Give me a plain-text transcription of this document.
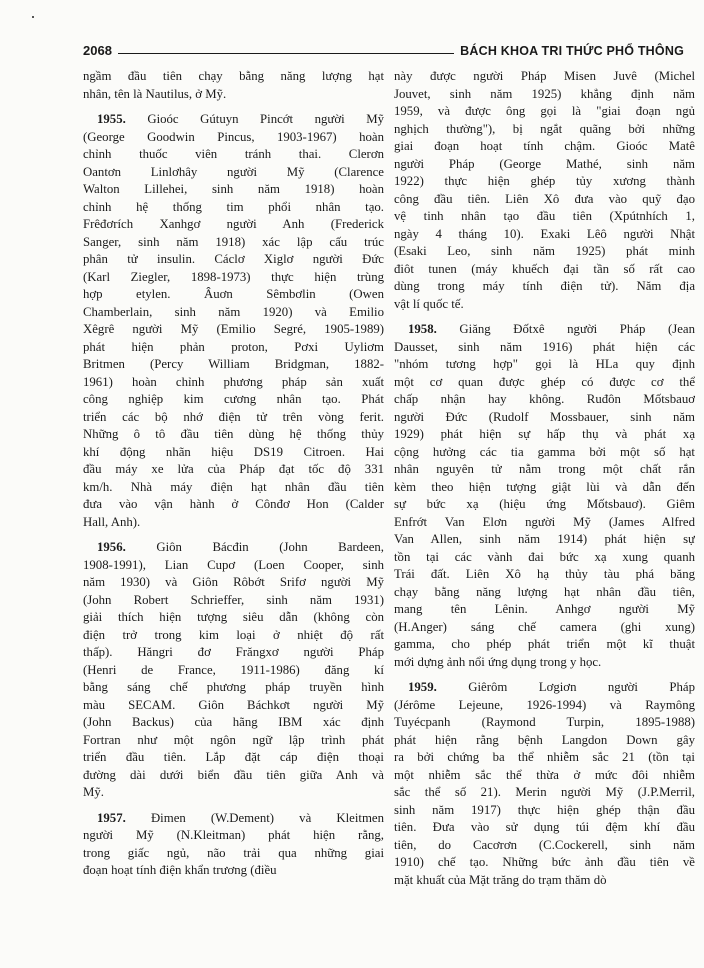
2068	BÁCH KHOA TRI THỨC PHỔ THÔNG
ngầm đầu tiên chạy bằng năng lượng hạt
nhân, tên là Nautilus, ở Mỹ.
1955. Gioóc Gútuyn Pincớt người Mỹ
(George Goodwin Pincus, 1903-1967) hoàn
chỉnh thuốc viên tránh thai. Clerơn
Oantơn Linlơhây người Mỹ (Clarence
Walton Lillehei, sinh năm 1918) hoàn
chỉnh hệ thống tim phổi nhân tạo.
Frêđơrích Xanhgơ người Anh (Frederick
Sanger, sinh năm 1918) xác lập cấu trúc
phân tử insulin. Cáclơ Xiglơ người Đức
(Karl Ziegler, 1898-1973) thực hiện trùng
hợp etylen. Âuơn Sêmbơlin (Owen
Chamberlain, sinh năm 1920) và Emilio
Xêgrê người Mỹ (Emilio Segré, 1905-1989)
phát hiện phản proton, Pơxi Uyliơm
Britmen (Percy William Bridgman, 1882-
1961) hoàn chỉnh phương pháp sản xuất
công nghiệp kim cương nhân tạo. Phát
triển các bộ nhớ điện tử trên vòng ferit.
Những ô tô đầu tiên dùng hệ thống thủy
khí động nhãn hiệu DS19 Citroen. Hai
đầu máy xe lửa của Pháp đạt tốc độ 331
km/h. Nhà máy điện hạt nhân đầu tiên
đưa vào vận hành ở Cônđơ Hon (Calder
Hall, Anh).
1956. Giôn Bácđin (John Bardeen,
1908-1991), Lian Cupơ (Loen Cooper, sinh
năm 1930) và Giôn Rôbớt Srifơ người Mỹ
(John Robert Schrieffer, sinh năm 1931)
giải thích hiện tượng siêu dẫn (không còn
điện trở trong kim loại ở nhiệt độ rất
thấp). Hăngri đơ Frăngxơ người Pháp
(Henri de France, 1911-1986) đăng kí
bằng sáng chế phương pháp truyền hình
màu SECAM. Giôn Báchkơt người Mỹ
(John Backus) của hãng IBM xác định
Fortran như một ngôn ngữ lập trình phát
triển đầu tiên. Lắp đặt cáp điện thoại
đường dài dưới biển đầu tiên giữa Anh và
Mỹ.
1957. Đimen (W.Dement) và Kleitmen
người Mỹ (N.Kleitman) phát hiện rằng,
trong giấc ngủ, não trải qua những giai
đoạn hoạt tính điện khẩn trương (điều
này được người Pháp Misen Juvê (Michel
Jouvet, sinh năm 1925) khẳng định năm
1959, và được ông gọi là "giai đoạn ngủ
nghịch thường"), bị ngắt quãng bởi những
giai đoạn hoạt tính chậm. Gioóc Matê
người Pháp (George Mathé, sinh năm
1922) thực hiện ghép tủy xương thành
công đầu tiên. Liên Xô đưa vào quỹ đạo
vệ tinh nhân tạo đầu tiên (Xpútnhích 1,
ngày 4 tháng 10). Exaki Lêô người Nhật
(Esaki Leo, sinh năm 1925) phát minh
điôt tunen (máy khuếch đại tần số rất cao
dùng trong máy tính điện tử). Năm địa
vật lí quốc tế.
1958. Giăng Đốtxê người Pháp (Jean
Dausset, sinh năm 1916) phát hiện các
"nhóm tương hợp" gọi là HLa quy định
một cơ quan được ghép có được cơ thể
chấp nhận hay không. Ruđôn Mốtsbauơ
người Đức (Rudolf Mossbauer, sinh năm
1929) phát hiện sự hấp thụ và phát xạ
cộng hưởng các tia gamma bởi một số hạt
nhân nguyên tử nằm trong một chất rắn
kèm theo hiện tượng giật lùi và dẫn đến
sự bức xạ (hiệu ứng Mốtsbauơ). Giêm
Enfrớt Van Elơn người Mỹ (James Alfred
Van Allen, sinh năm 1914) phát hiện sự
tồn tại các vành đai bức xạ xung quanh
Trái đất. Liên Xô hạ thủy tàu phá băng
chạy bằng năng lượng hạt nhân đầu tiên,
mang tên Lênin. Anhgơ người Mỹ
(H.Anger) sáng chế camera (ghi xung)
gamma, cho phép phát triển một kĩ thuật
mới dựng ảnh nổi ứng dụng trong y học.
1959. Giêrôm Lơgiơn người Pháp
(Jérôme Lejeune, 1926-1994) và Raymông
Tuyécpanh (Raymond Turpin, 1895-1988)
phát hiện rằng bệnh Langdon Down gây
ra bởi chứng ba thể nhiễm sắc 21 (tồn tại
một nhiễm sắc thể thừa ở mức đôi nhiễm
sắc thể số 21). Merin người Mỹ (J.P.Merril,
sinh năm 1917) thực hiện ghép thận đầu
tiên. Đưa vào sử dụng túi đệm khí đầu
tiên, do Cacơrơn (C.Cockerell, sinh năm
1910) chế tạo. Những bức ảnh đầu tiên về
mặt khuất của Mặt trăng do trạm thăm dò
